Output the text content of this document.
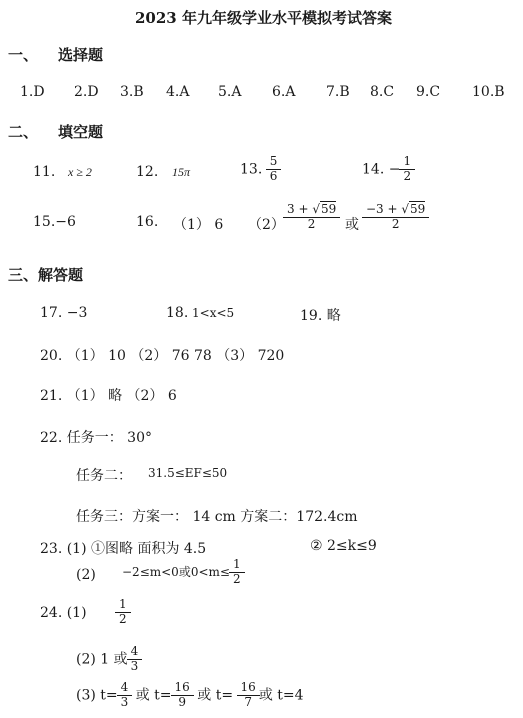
2023 年九年级学业水平模拟考试答案
一、 选择题
1.D 2.D 3.B 4.A 5.A 6.A 7.B 8.C 9.C 10.B
二、 填空题
11. x ≥ 2	12. 15π	13. $\frac{5}{6}$	14. − $\frac{1}{2}$
15.−6	16. （1） 6 $(2) \frac{3 + √59}{2}$ 或 $\frac{-3 + √59}{2}$
三、解答题
17. −3	18. 1<x<5	19. 略
20. （1） 10 （2） 76 78 （3） 720
21. （1） 略 （2） 6
22. 任务一： 30°
任务二： 31.5≤EF≤50
任务三：方案一： 14 cm 方案二：172.4cm
23. (1) ①图略 面积为 4.5	② 2≤k≤9
(2) −2≤m<0或$0<m\le \frac{1}{2}$
24. (1)	$\frac{1}{2}$
(2) 1 或 $\frac{4}{3}$
(3) $t= \frac{4}{3}$ 或 $t= \frac{16}{9}$ 或 $t= \frac{16}{7}$ 或 t=4
